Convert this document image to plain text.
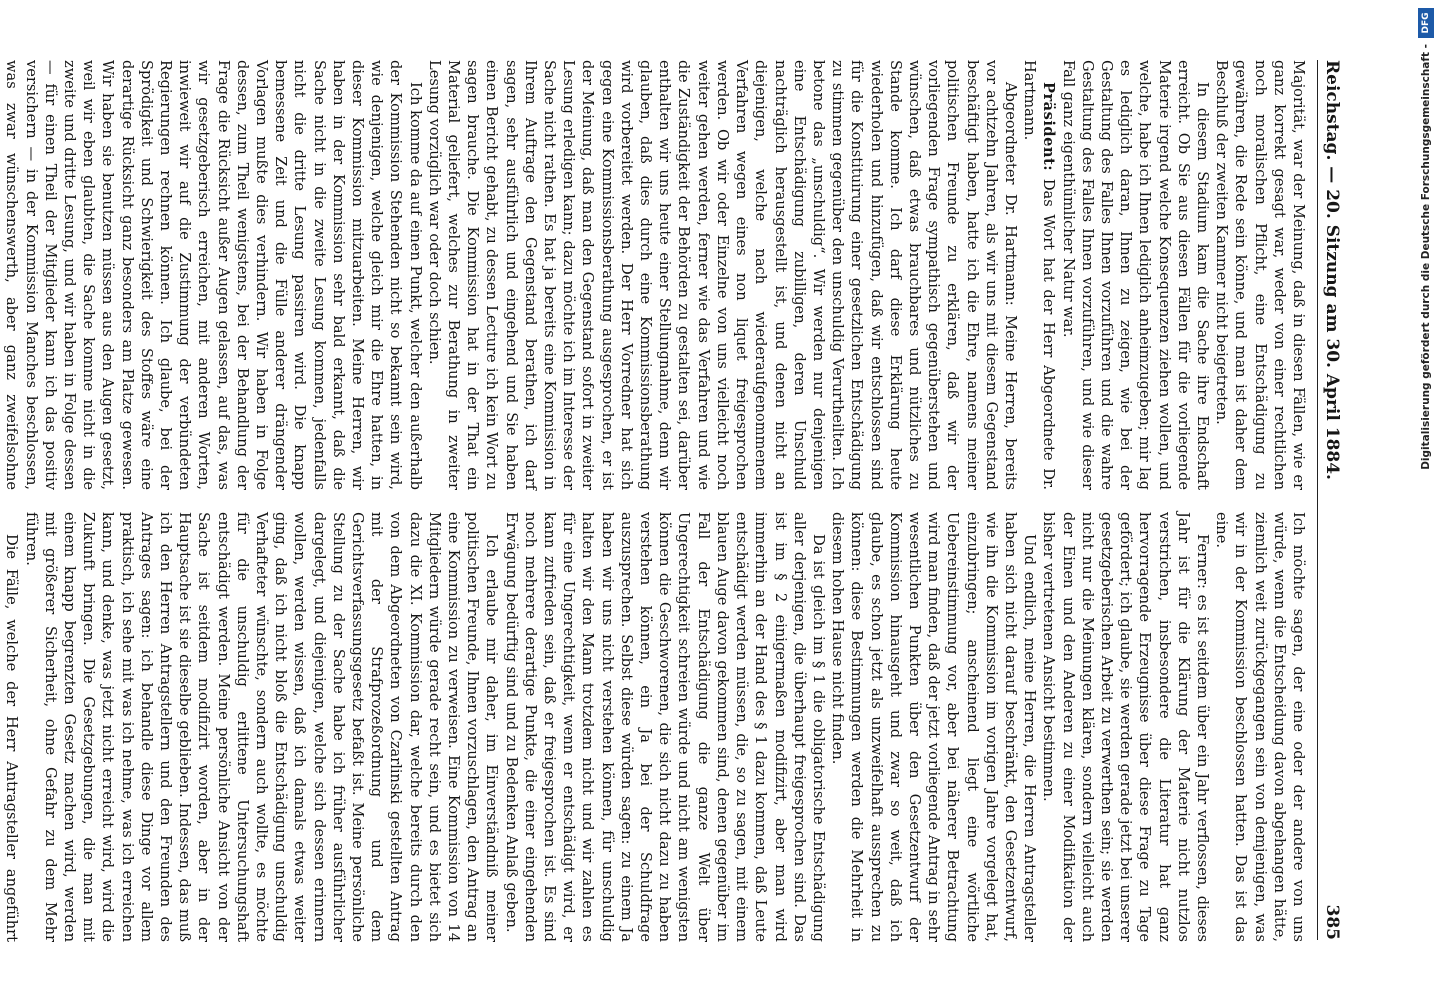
Reichstag. — 20. Sitzung am 30. April 1884.
385

Majorität, war der Meinung, daß in diesen Fällen, wie er ganz korrekt gesagt war, weder von einer rechtlichen noch moralischen Pflicht, eine Entschädigung zu gewähren, die Rede sein könne, und man ist daher dem Beschluß der zweiten Kammer nicht beigetreten.

In diesem Stadium kam die Sache ihre Endschaft erreicht. Ob Sie aus diesen Fällen für die vorliegende Materie irgend welche Konsequenzen ziehen wollen, und welche, habe ich Ihnen lediglich anheimzugeben; mir lag es lediglich daran, Ihnen zu zeigen, wie bei der Gestaltung des Falles Ihnen vorzuführen und die wahre Gestaltung des Falles Ihnen vorzuführen, und wie dieser Fall ganz eigenthümlicher Natur war.

Präsident: Das Wort hat der Herr Abgeordnete Dr. Hartmann.

Abgeordneter Dr. Hartmann: Meine Herren, bereits vor achtzehn Jahren, als wir uns mit diesem Gegenstand beschäftigt haben, hatte ich die Ehre, namens meiner politischen Freunde zu erklären, daß wir der vorliegenden Frage sympathisch gegenüberstehen und wünschen, daß etwas brauchbares und nützliches zu Stande komme. Ich darf diese Erklärung heute wiederholen und hinzufügen, daß wir entschlossen sind für die Konstituirung einer gesetzlichen Entschädigung zu stimmen gegenüber den unschuldig Verurtheilten. Ich betone das „unschuldig“. Wir werden nur denjenigen eine Entschädigung zubilligen, deren Unschuld nachträglich herausgestellt ist, und denen nicht an diejenigen, welche nach wiederaufgenommenem Verfahren wegen eines non liquet freigesprochen werden. Ob wir oder Einzelne von uns vielleicht noch weiter gehen werden, ferner wie das Verfahren und wie die Zuständigkeit der Behörden zu gestalten sei, darüber enthalten wir uns heute einer Stellungnahme, denn wir glauben, daß dies durch eine Kommissionsberathung wird vorbereitet werden. Der Herr Vorredner hat sich gegen eine Kommissionsberathung ausgesprochen, er ist der Meinung, daß man den Gegenstand sofort in zweiter Lesung erledigen kann; dazu möchte ich im Interesse der Sache nicht rathen. Es hat ja bereits eine Kommission in Ihrem Auftrage den Gegenstand berathen, ich darf sagen, sehr ausführlich und eingehend und Sie haben einen Bericht gehabt, zu dessen Lecture ich kein Wort zu sagen brauche. Die Kommission hat in der That ein Material geliefert, welches zur Berathung in zweiter Lesung vorzüglich war oder doch schien.

Ich komme da auf einen Punkt, welcher den außerhalb der Kommission Stehenden nicht so bekannt sein wird, wie denjenigen, welche gleich mir die Ehre hatten, in dieser Kommission mitzuarbeiten. Meine Herren, wir haben in der Kommission sehr bald erkannt, daß die Sache nicht in die zweite Lesung kommen, jedenfalls nicht die dritte Lesung passiren wird. Die knapp bemessene Zeit und die Fülle anderer drängender Vorlagen mußte dies verhindern. Wir haben in Folge dessen, zum Theil wenigstens, bei der Behandlung der Frage die Rücksicht außer Augen gelassen, auf das, was wir gesetzgeberisch erreichen, mit anderen Worten, inwieweit wir auf die Zustimmung der verbündeten Regierungen rechnen können. Ich glaube, bei der Sprödigkeit und Schwierigkeit des Stoffes wäre eine derartige Rücksicht ganz besonders am Platze gewesen. Wir haben sie benutzen müssen aus den Augen gesetzt, weil wir eben glaubten, die Sache komme nicht in die zweite und dritte Lesung, und wir haben in Folge dessen — für einen Theil der Mitglieder kann ich das positiv versichern — in der Kommission Manches beschlossen, was zwar wünschenswerth, aber ganz zweifelsohne

Ich möchte sagen, der eine oder der andere von uns würde, wenn die Entscheidung davon abgehangen hätte, ziemlich weit zurückgegangen sein von demjenigen, was wir in der Kommission beschlossen hatten. Das ist das eine.

Ferner: es ist seitdem über ein Jahr verflossen, dieses Jahr ist für die Klärung der Materie nicht nutzlos verstrichen, insbesondere die Literatur hat ganz hervorragende Erzeugnisse über diese Frage zu Tage gefördert; ich glaube, sie werden gerade jetzt bei unserer gesetzgeberischen Arbeit zu verwerthen sein; sie werden nicht nur die Meinungen klären, sondern vielleicht auch der Einen und den Anderen zu einer Modifikation der bisher vertretenen Ansicht bestimmen.

Und endlich, meine Herren, die Herren Antragsteller haben sich nicht darauf beschränkt, den Gesetzentwurf, wie ihn die Kommission im vorigen Jahre vorgelegt hat, einzubringen; anscheinend liegt eine wörtliche Uebereinstimmung vor, aber bei näherer Betrachtung wird man finden, daß der jetzt vorliegende Antrag in sehr wesentlichen Punkten über den Gesetzentwurf der Kommission hinausgeht und zwar so weit, daß ich glaube, es schon jetzt als unzweifelhaft aussprechen zu können: diese Bestimmungen werden die Mehrheit in diesem hohen Hause nicht finden.

Da ist gleich im § 1 die obligatorische Entschädigung aller derjenigen, die überhaupt freigesprochen sind. Das ist im § 2 einigermaßen modifizirt, aber man wird immerhin an der Hand des § 1 dazu kommen, daß Leute entschädigt werden müssen, die, so zu sagen, mit einem blauen Auge davon gekommen sind, denen gegenüber im Fall der Entschädigung die ganze Welt über Ungerechtigkeit schreien würde und nicht am wenigsten können die Geschworenen, die sich nicht dazu zu haben verstehen können, ein Ja bei der Schuldfrage auszusprechen. Selbst diese würden sagen: zu einem Ja haben wir uns nicht verstehen können, für unschuldig halten wir den Mann trotzdem nicht und wir zahlen es für eine Ungerechtigkeit, wenn er entschädigt wird, er kann zufrieden sein, daß er freigesprochen ist. Es sind noch mehrere derartige Punkte, die einer eingehenden Erwägung bedürftig sind und zu Bedenken Anlaß geben.

Ich erlaube mir daher, im Einverständniß meiner politischen Freunde, Ihnen vorzuschlagen, den Antrag an eine Kommission zu verweisen. Eine Kommission von 14 Mitgliedern würde gerade recht sein, und es bietet sich dazu die XI. Kommission dar, welche bereits durch den von dem Abgeordneten von Czarlinski gestellten Antrag mit der Strafprozeßordnung und dem Gerichtsverfassungsgesetz befaßt ist. Meine persönliche Stellung zu der Sache habe ich früher ausführlicher dargelegt, und diejenigen, welche sich dessen erinnern wollen, werden wissen, daß ich damals etwas weiter ging, daß ich nicht bloß die Entschädigung unschuldig Verhafteter wünschte, sondern auch wollte, es möchte für die unschuldig erlittene Untersuchungshaft entschädigt werden. Meine persönliche Ansicht von der Sache ist seitdem modifizirt worden, aber in der Hauptsache ist sie dieselbe geblieben. Indessen, das muß ich den Herren Antragstellern und den Freunden des Antrages sagen: ich behandle diese Dinge vor allem praktisch, ich sehe mit was ich nehme, was ich erreichen kann, und denke, was jetzt nicht erreicht wird, wird die Zukunft bringen. Die Gesetzgebungen, die man mit einem knapp begrenzten Gesetz machen wird, werden mit größerer Sicherheit, ohne Gefahr zu dem Mehr führen.

Die Fälle, welche der Herr Antragsteller angeführt

Digitalisierung gefördert durch die Deutsche Forschungsgemeinschaft -
DFG
